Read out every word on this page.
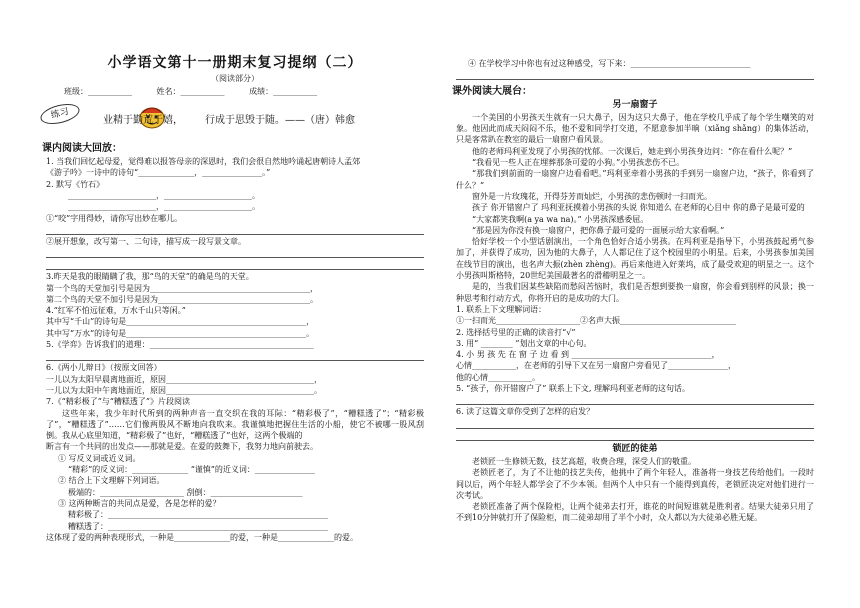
小学语文第十一册期末复习提纲（二）
（阅读部分）
班级：___________	姓名：___________	成绩：___________
练习	业精于勤荒于嬉， 行成于思毁于随。——（唐）韩愈
课内阅读大回放：
1. 当我们回忆起母爱，觉得难以报答母亲的深恩时，我们会很自然地吟诵起唐朝诗人孟郊
《游子吟》一诗中的诗句“______________，_______________。”
2. 默写《竹石》
______________________，______________________。
______________________，______________________。
①“咬”字用得妙，请你写出妙在哪儿。
②展开想象，改写第一、二句诗，描写成一段写景文章。
3.昨天是我的眼睛瞒了我，那“鸟的天堂”的确是鸟的天堂。
第一个鸟的天堂加引号是因为________________________________________，
第二个鸟的天堂不加引号是因为______________________________________。
4.“红军不怕远征难，万水千山只等闲。”
其中写“千山”的诗句是_____________________________________________，
其中写“万水”的诗句是_____________________________________________。
5.《学弈》告诉我们的道理：_________________________________________
6.《两小儿辩日》（按原文回答）
一儿以为太阳早晨离地面近，原因_____________________________________，
一儿以为太阳中午离地面近，原因_____________________________________。
7.《“精彩极了”与“糟糕透了”》片段阅读
这些年来，我少年时代所到的两种声音一直交织在我的耳际：“精彩极了”，“糟糕透了”；“精彩极了”，“糟糕透了”……它们像两股风不断地向我吹来。我谨慎地把握住生活的小船，使它不被哪一股风刮倒。我从心底里知道，“精彩极了”也好，“糟糕透了”也好，这两个极端的
断言有一个共同的出发点——那就是爱。在爱的鼓舞下，我努力地向前驶去。
① 写反义词或近义词。
“精彩”的反义词：______________ “谨慎”的近义词：_______________
② 结合上下文理解下列词语。
极端的：_____________________ 刮倒：_______________________
③ 这两种断言的共同点是爱，各是怎样的爱？
精彩极了：_______________________________________________________
糟糕透了：_______________________________________________________
这体现了爱的两种表现形式，一种是______________的爱，一种是______________的爱。
④ 在学校学习中你也有过这种感受，写下来：______________________________
课外阅读大展台：
另一扇窗子
一个美国的小男孩天生就有一只大鼻子，因为这只大鼻子，他在学校几乎成了每个学生嘲笑的对象。他因此而成天闷闷不乐，他不爱和同学打交道，不愿意参加半晌（xiǎng shǎng）的集体活动，只是客常趴在教室的最后一扇窗户看风景。
他的老师玛利亚发现了小男孩的忧郁。一次课后，她走到小男孩身边问：“你在看什么呢？”
“我看见一些人正在埋葬那条可爱的小狗。”小男孩悲伤不已。
“那我们到前面的一扇窗户边看看吧。”玛利亚牵着小男孩的手到另一扇窗户边，“孩子，你看到了什么？”
窗外是一片玫瑰花，开得芬芳而灿烂，小男孩的悲伤顿时一扫而光。
孩子 你开错窗户了 玛利亚抚摸着小男孩的头说 你知道么 在老师的心目中 你的鼻子是最可爱的
“大家都笑我啊(a ya wa na)。” 小男孩深感委屈。
“那是因为你没有换一扇窗户，把你鼻子最可爱的一面展示给大家看啊。”
恰好学校一个小型话剧演出，一个角色恰好合适小男孩。在玛利亚是指导下，小男孩鼓起勇气参加了，并获得了成功，因为他的大鼻子，人人都记住了这个校园里的小明星。后来，小男孩参加美国在线节目的演出，也名声大振(zhèn zhèng)。再后来他进入好莱坞，成了最受欢迎的明星之一。这个小男孩叫斯格特，20世纪美国最著名的滑稽明星之一。
是的，当我们因某些缺陷而愁闷苦恼时，我们是否想到要换一扇窗，你会看到别样的风景；换一种思考和行动方式，你将开启的是成功的大门。
1. 联系上下文理解词语：
①一扫而光_____________________②名声大振_____________________________
2. 选择括号里的正确的读音打“√”
3. 用“ ________ ”划出文章的中心句。
4. 小 男 孩 先 在 窗 子 边 看 到 ___________________________________，
心情___________，在老师的引导下又在另一扇窗户旁看见了_______________，
他的心情___________。
5. “孩子，你开错窗户了” 联系上下文, 理解玛利亚老师的这句话。
6. 读了这篇文章你受到了怎样的启发？
锁匠的徒弟
老锁匠一生修锁无数，技艺高超，收费合理，深受人们的敬重。
老锁匠老了，为了不让他的技艺失传，他挑中了两个年轻人，准备将一身技艺传给他们。一段时间以后，两个年轻人都学会了不少本领。但两个人中只有一个能得到真传，老锁匠决定对他们进行一次考试。
老锁匠准备了两个保险柜，让两个徒弟去打开，谁花的时间短谁就是胜利者。结果大徒弟只用了不到10分钟就打开了保险柜，而二徒弟却用了半个小时，众人都以为大徒弟必胜无疑。
